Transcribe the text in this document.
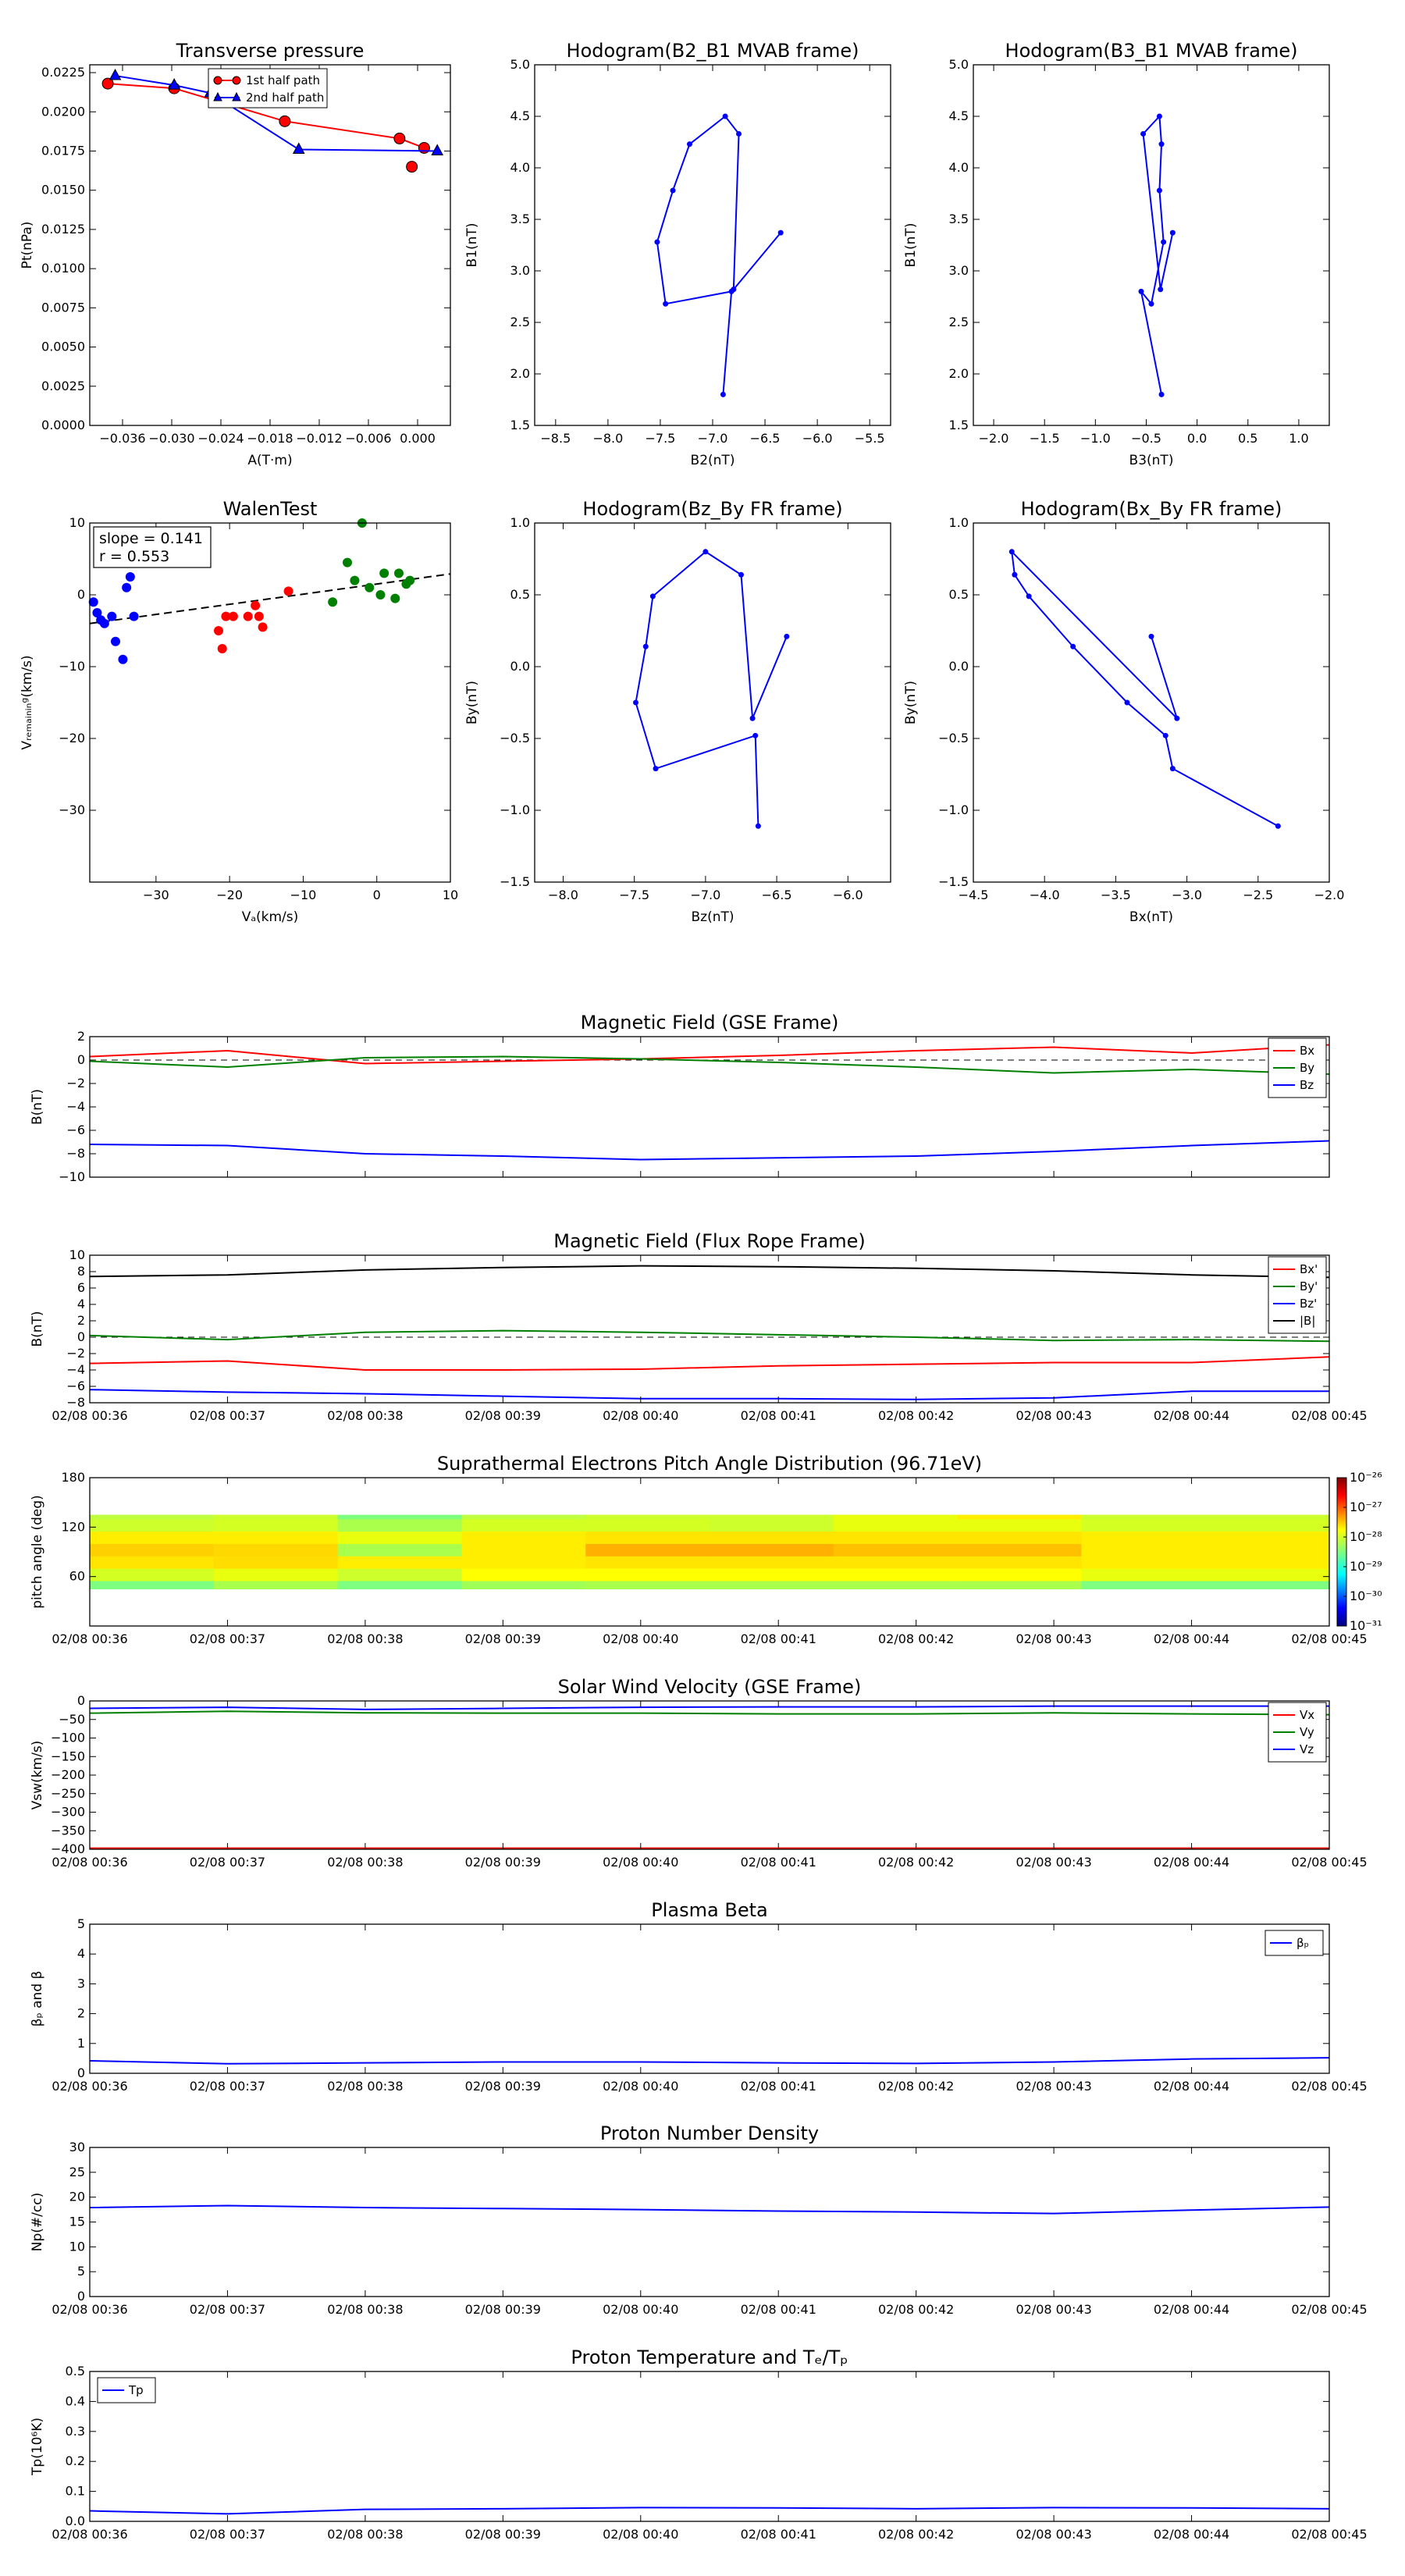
−0.036 −0.030 −0.024 −0.018 −0.012 −0.006 0.000
0.0000
0.0025
0.0050
0.0075
0.0100
0.0125
0.0150
0.0175
0.0200
0.0225
1st half path
2nd half path
Transverse pressure
A(T·m)
Pt(nPa)
−8.5 −8.0 −7.5 −7.0 −6.5 −6.0 −5.5
1.5
2.0
2.5
3.0
3.5
4.0
4.5
5.0
Hodogram(B2_B1 MVAB frame)
B2(nT)
B1(nT)
−2.0 −1.5 −1.0 −0.5 0.0 0.5 1.0
1.5
2.0
2.5
3.0
3.5
4.0
4.5
5.0
Hodogram(B3_B1 MVAB frame)
B3(nT)
B1(nT)
−30	−20	−10	0	10
−30
−20
−10
0
10
slope = 0.141
r = 0.553
WalenTest
Vₐ(km/s)
Vᵣₑₘₐᵢₙᵢₙᵍ(km/s)
−8.0	−7.5	−7.0	−6.5	−6.0
−1.5
−1.0
−0.5
0.0
0.5
1.0
Hodogram(Bz_By FR frame)
Bz(nT)
By(nT)
−4.5	−4.0	−3.5	−3.0	−2.5	−2.0
−1.5
−1.0
−0.5
0.0
0.5
1.0
Hodogram(Bx_By FR frame)
Bx(nT)
By(nT)
−10
−8
−6
−4
−2
0
2
Bx
By
Bz
Magnetic Field (GSE Frame)
B(nT)
02/08 00:36	02/08 00:37	02/08 00:38	02/08 00:39	02/08 00:40	02/08 00:41	02/08 00:42	02/08 00:43	02/08 00:44	02/08 00:45
−8
−6
−4
−2
0
2
4
6
8
10
Bx'
By'
Bz'
|B|
Magnetic Field (Flux Rope Frame)
B(nT)
10⁻²⁶
10⁻²⁷
10⁻²⁸
10⁻²⁹
10⁻³⁰
10⁻³¹
02/08 00:36	02/08 00:37	02/08 00:38	02/08 00:39	02/08 00:40	02/08 00:41	02/08 00:42	02/08 00:43	02/08 00:44	02/08 00:45
60
120
180
Suprathermal Electrons Pitch Angle Distribution (96.71eV)
pitch angle (deg)
02/08 00:36	02/08 00:37	02/08 00:38	02/08 00:39	02/08 00:40	02/08 00:41	02/08 00:42	02/08 00:43	02/08 00:44	02/08 00:45
−400
−350
−300
−250
−200
−150
−100
−50
0
Vx
Vy
Vz
Solar Wind Velocity (GSE Frame)
Vsw(km/s)
02/08 00:36	02/08 00:37	02/08 00:38	02/08 00:39	02/08 00:40	02/08 00:41	02/08 00:42	02/08 00:43	02/08 00:44	02/08 00:45
0
1
2
3
4
5
βₚ
Plasma Beta
βₚ and β
02/08 00:36	02/08 00:37	02/08 00:38	02/08 00:39	02/08 00:40	02/08 00:41	02/08 00:42	02/08 00:43	02/08 00:44	02/08 00:45
0
5
10
15
20
25
30
Proton Number Density
Np(#/cc)
02/08 00:36	02/08 00:37	02/08 00:38	02/08 00:39	02/08 00:40	02/08 00:41	02/08 00:42	02/08 00:43	02/08 00:44	02/08 00:45
0.0
0.1
0.2
0.3
0.4
0.5
Tp
Proton Temperature and Tₑ/Tₚ
Tp(10⁶K)
